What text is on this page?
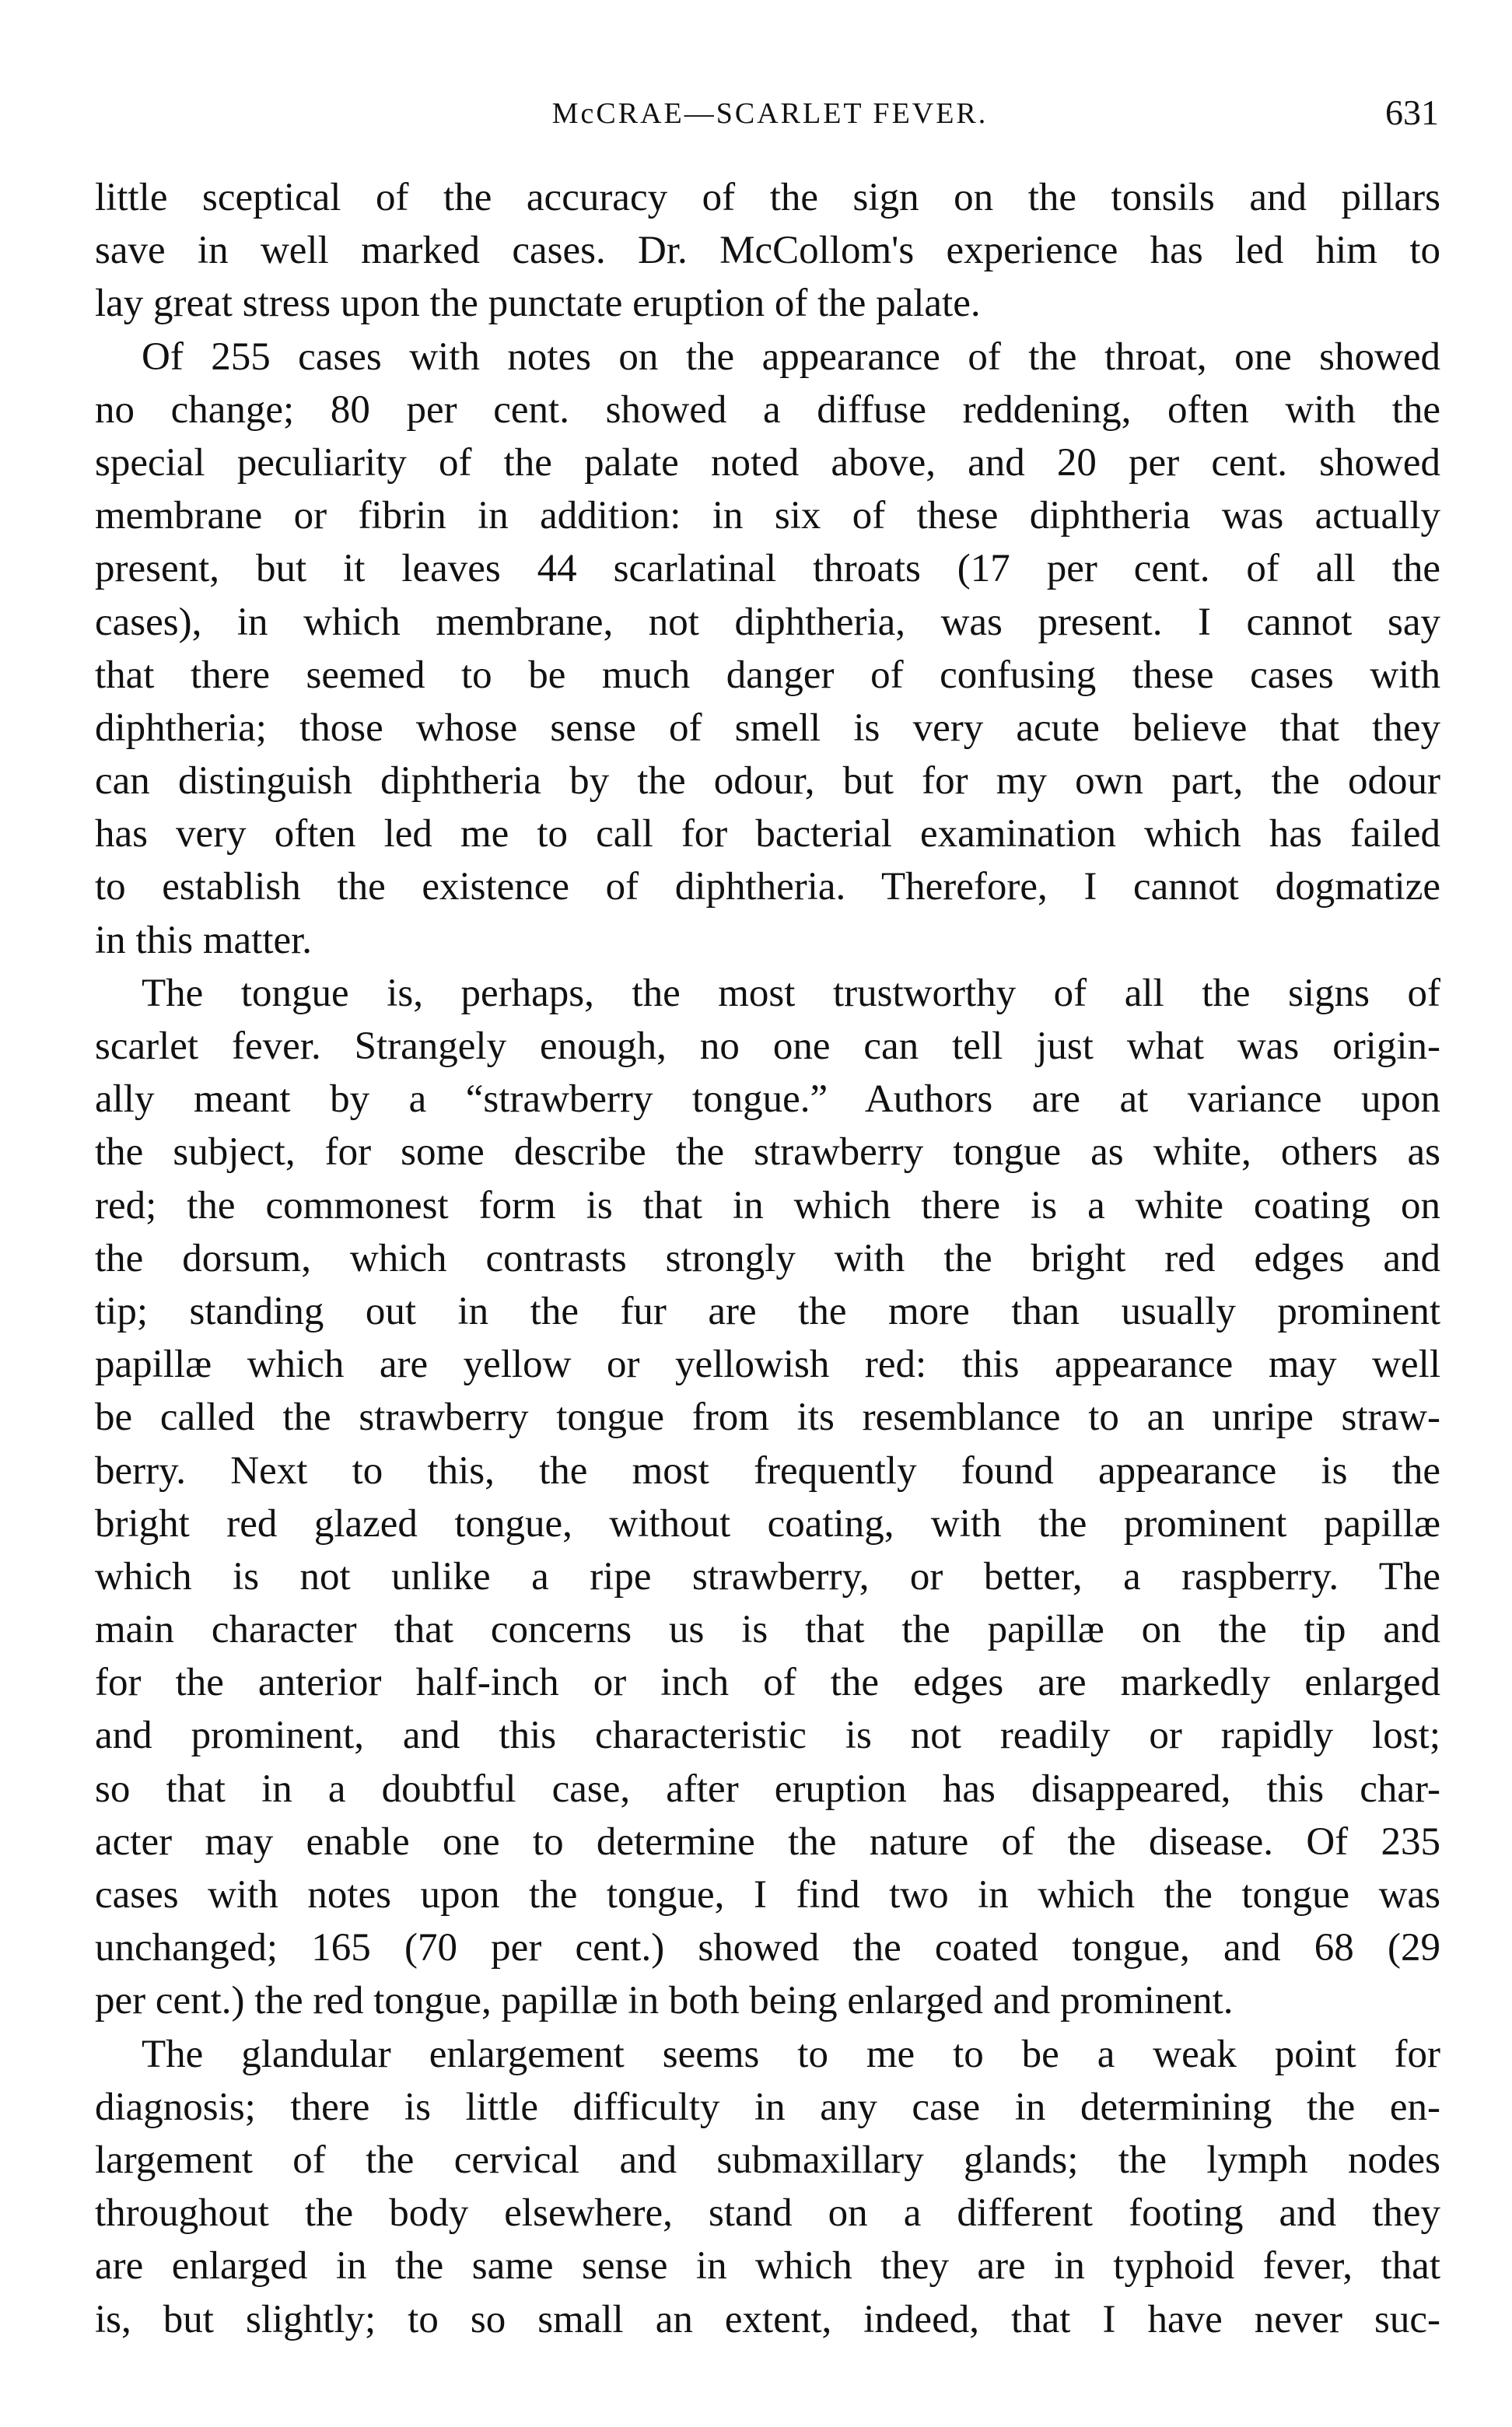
McCRAE—SCARLET FEVER.	631
little sceptical of the accuracy of the sign on the tonsils and pillars
save in well marked cases. Dr. McCollom's experience has led him to
lay great stress upon the punctate eruption of the palate.
Of 255 cases with notes on the appearance of the throat, one showed
no change; 80 per cent. showed a diffuse reddening, often with the
special peculiarity of the palate noted above, and 20 per cent. showed
membrane or fibrin in addition: in six of these diphtheria was actually
present, but it leaves 44 scarlatinal throats (17 per cent. of all the
cases), in which membrane, not diphtheria, was present. I cannot say
that there seemed to be much danger of confusing these cases with
diphtheria; those whose sense of smell is very acute believe that they
can distinguish diphtheria by the odour, but for my own part, the odour
has very often led me to call for bacterial examination which has failed
to establish the existence of diphtheria. Therefore, I cannot dogmatize
in this matter.
The tongue is, perhaps, the most trustworthy of all the signs of
scarlet fever. Strangely enough, no one can tell just what was origin-
ally meant by a “strawberry tongue.” Authors are at variance upon
the subject, for some describe the strawberry tongue as white, others as
red; the commonest form is that in which there is a white coating on
the dorsum, which contrasts strongly with the bright red edges and
tip; standing out in the fur are the more than usually prominent
papillæ which are yellow or yellowish red: this appearance may well
be called the strawberry tongue from its resemblance to an unripe straw-
berry. Next to this, the most frequently found appearance is the
bright red glazed tongue, without coating, with the prominent papillæ
which is not unlike a ripe strawberry, or better, a raspberry. The
main character that concerns us is that the papillæ on the tip and
for the anterior half-inch or inch of the edges are markedly enlarged
and prominent, and this characteristic is not readily or rapidly lost;
so that in a doubtful case, after eruption has disappeared, this char-
acter may enable one to determine the nature of the disease. Of 235
cases with notes upon the tongue, I find two in which the tongue was
unchanged; 165 (70 per cent.) showed the coated tongue, and 68 (29
per cent.) the red tongue, papillæ in both being enlarged and prominent.
The glandular enlargement seems to me to be a weak point for
diagnosis; there is little difficulty in any case in determining the en-
largement of the cervical and submaxillary glands; the lymph nodes
throughout the body elsewhere, stand on a different footing and they
are enlarged in the same sense in which they are in typhoid fever, that
is, but slightly; to so small an extent, indeed, that I have never suc-
